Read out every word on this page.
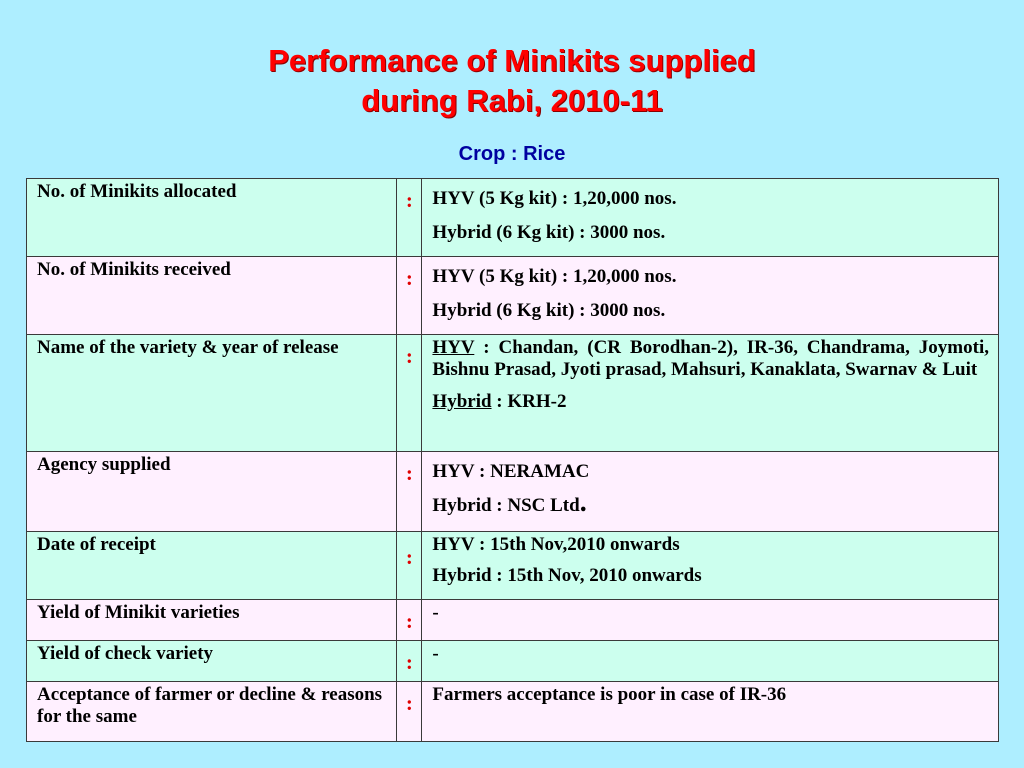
Performance of Minikits supplied
during Rabi, 2010-11
Crop : Rice
No. of Minikits allocated	:	HYV (5 Kg kit) : 1,20,000 nos.
Hybrid (6 Kg kit) : 3000 nos.

No. of Minikits received	:	HYV (5 Kg kit) : 1,20,000 nos.
Hybrid (6 Kg kit) : 3000 nos.

Name of the variety & year of release	:	HYV : Chandan, (CR Borodhan-2), IR-36, Chandrama, Joymoti, Bishnu Prasad, Jyoti prasad, Mahsuri, Kanaklata, Swarnav & Luit
Hybrid : KRH-2

Agency supplied	:	HYV : NERAMAC
Hybrid : NSC Ltd.

Date of receipt	:	HYV : 15th Nov,2010 onwards
Hybrid : 15th Nov, 2010 onwards

Yield of Minikit varieties	:	-

Yield of check variety	:	-

Acceptance of farmer or decline & reasons for the same	:	Farmers acceptance is poor in case of IR-36
